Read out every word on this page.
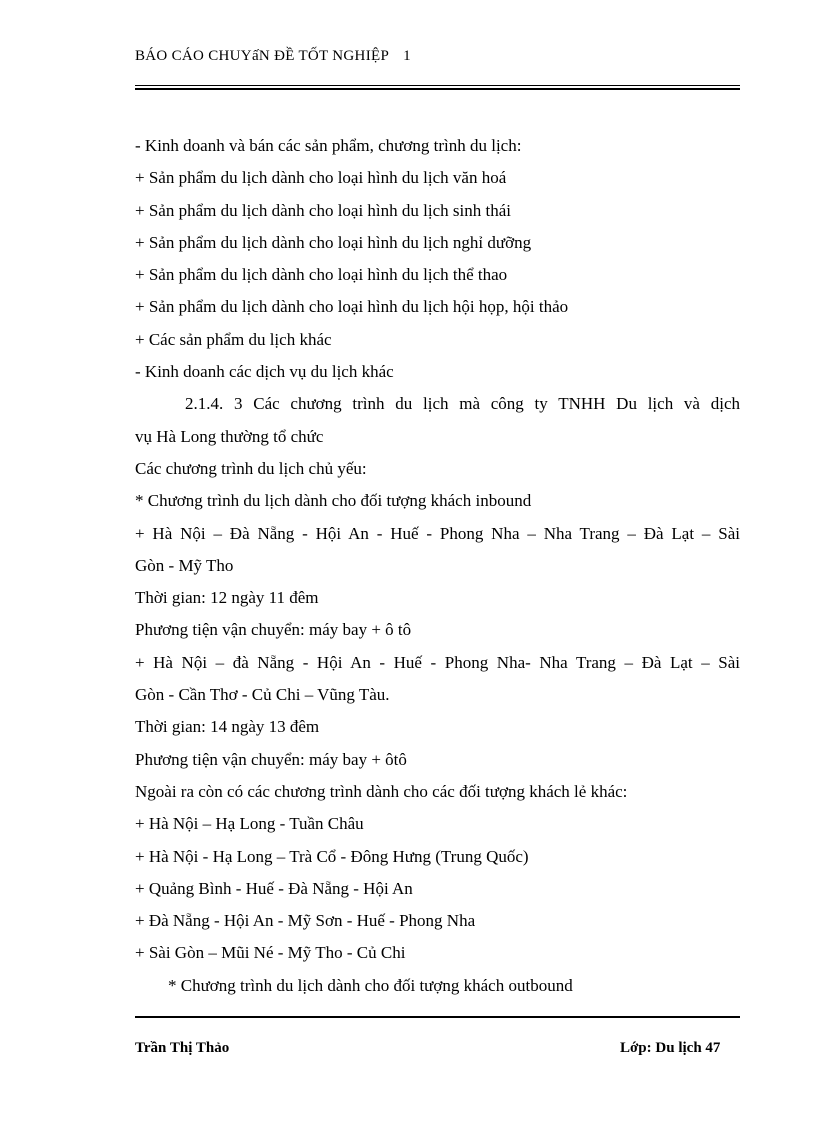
BÁO CÁO CHUYấN ĐỀ TỐT NGHIỆP 1
- Kinh doanh và bán các sản phẩm, chương trình du lịch:
+ Sản phẩm du lịch dành cho loại hình du lịch văn hoá
+ Sản phẩm du lịch dành cho loại hình du lịch sinh thái
+ Sản phẩm du lịch dành cho loại hình du lịch nghỉ dưỡng
+ Sản phẩm du lịch dành cho loại hình du lịch thể thao
+ Sản phẩm du lịch dành cho loại hình du lịch hội họp, hội thảo
+ Các sản phẩm du lịch khác
- Kinh doanh các dịch vụ du lịch khác
2.1.4. 3 Các chương trình du lịch mà công ty TNHH Du lịch và dịch
vụ Hà Long thường tổ chức
Các chương trình du lịch chủ yếu:
* Chương trình du lịch dành cho đối tượng khách inbound
+ Hà Nội – Đà Nẵng - Hội An - Huế - Phong Nha – Nha Trang – Đà Lạt – Sài
Gòn - Mỹ Tho
Thời gian: 12 ngày 11 đêm
Phương tiện vận chuyển: máy bay + ô tô
+ Hà Nội – đà Nẵng - Hội An - Huế - Phong Nha- Nha Trang – Đà Lạt – Sài
Gòn - Cần Thơ - Củ Chi – Vũng Tàu.
Thời gian: 14 ngày 13 đêm
Phương tiện vận chuyển: máy bay + ôtô
Ngoài ra còn có các chương trình dành cho các đối tượng khách lẻ khác:
+ Hà Nội – Hạ Long - Tuần Châu
+ Hà Nội - Hạ Long – Trà Cổ - Đông Hưng (Trung Quốc)
+ Quảng Bình - Huế - Đà Nẵng - Hội An
+ Đà Nẵng - Hội An - Mỹ Sơn - Huế - Phong Nha
+ Sài Gòn – Mũi Né - Mỹ Tho - Củ Chi
* Chương trình du lịch dành cho đối tượng khách outbound
Trần Thị Thảo	Lớp: Du lịch 47
